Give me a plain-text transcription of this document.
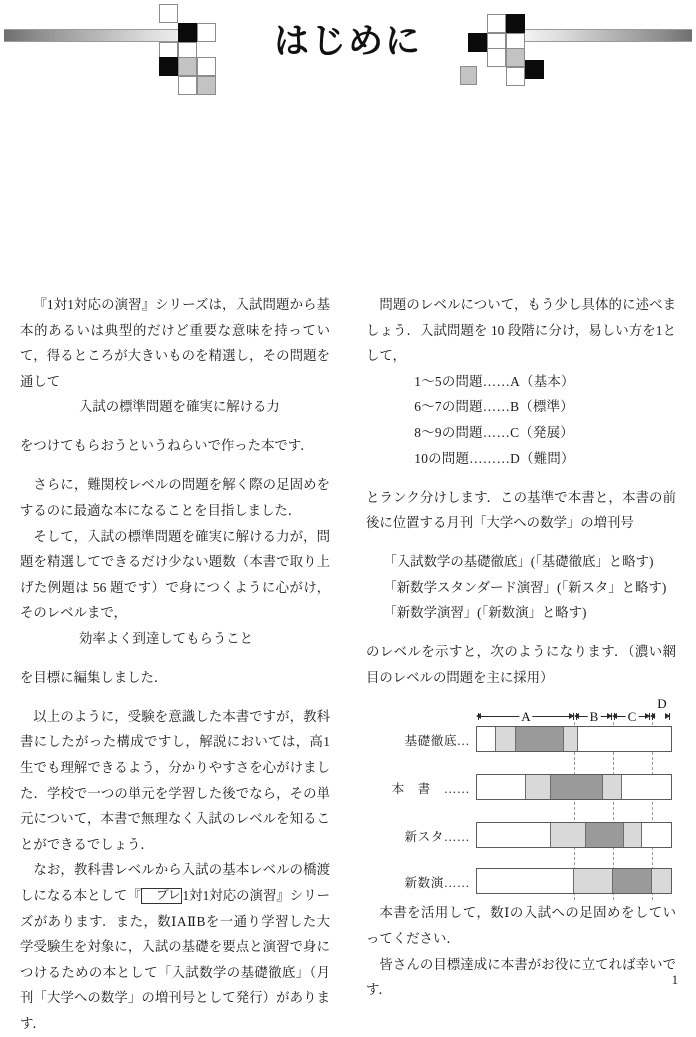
はじめに

『1対1対応の演習』シリーズは，入試問題から基本的あるいは典型的だけど重要な意味を持っていて，得るところが大きいものを精選し，その問題を通して

入試の標準問題を確実に解ける力

をつけてもらおうというねらいで作った本です．

さらに，難関校レベルの問題を解く際の足固めをするのに最適な本になることを目指しました．

そして，入試の標準問題を確実に解ける力が，問題を精選してできるだけ少ない題数（本書で取り上げた例題は 56 題です）で身につくように心がけ，そのレベルまで，

効率よく到達してもらうこと

を目標に編集しました．

以上のように，受験を意識した本書ですが，教科書にしたがった構成ですし，解説においては，高1生でも理解できるよう，分かりやすさを心がけました．学校で一つの単元を学習した後でなら，その単元について，本書で無理なく入試のレベルを知ることができるでしょう．

なお，教科書レベルから入試の基本レベルの橋渡しになる本として『 プレ 1対1対応の演習』シリーズがあります．また，数ⅠAⅡBを一通り学習した大学受験生を対象に，入試の基礎を要点と演習で身につけるための本として「入試数学の基礎徹底」（月刊「大学への数学」の増刊号として発行）があります．

問題のレベルについて，もう少し具体的に述べましょう．入試問題を 10 段階に分け，易しい方を1として，

1〜5の問題……A（基本）

6〜7の問題……B（標準）

8〜9の問題……C（発展）

10の問題………D（難問）

とランク分けします．この基準で本書と，本書の前後に位置する月刊「大学への数学」の増刊号

「入試数学の基礎徹底」(「基礎徹底」と略す)

「新数学スタンダード演習」(「新スタ」と略す)

「新数学演習」(「新数演」と略す)

のレベルを示すと，次のようになります．（濃い網目のレベルの問題を主に採用）

A	B C
D
基礎徹底…
本　書　……
新スタ……
新数演……

本書を活用して，数Ⅰの入試への足固めをしていってください．

皆さんの目標達成に本書がお役に立てれば幸いです．

1
